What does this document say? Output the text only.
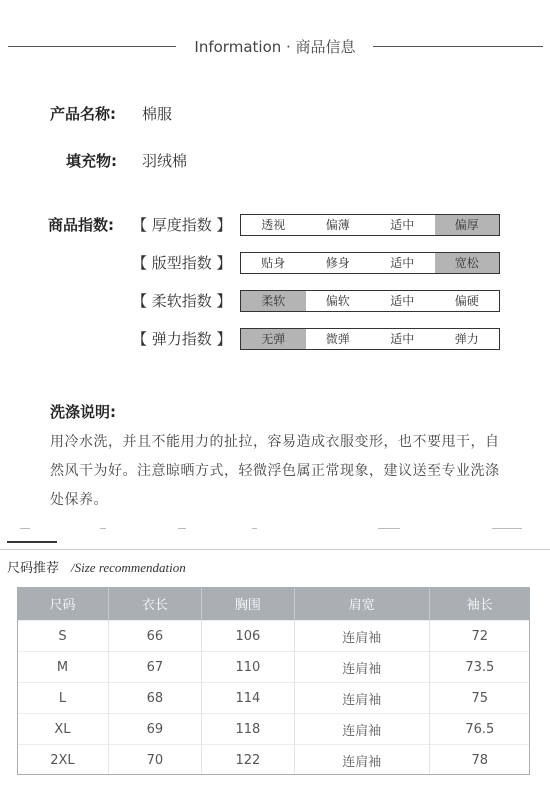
Information · 商品信息
产品名称: 棉服
填充物: 羽绒棉
商品指数: 【 厚度指数 】	透视	偏薄	适中	偏厚
【 版型指数 】	贴身	修身	适中	宽松
【 柔软指数 】	柔软	偏软	适中	偏硬
【 弹力指数 】	无弹	微弹	适中	弹力
洗涤说明:
用冷水洗，并且不能用力的扯拉，容易造成衣服变形，也不要甩干，自然风干为好。注意晾晒方式，轻微浮色属正常现象，建议送至专业洗涤处保养。
尺码推荐 /Size recommendation
尺码	衣长	胸围	肩宽	袖长
S	66	106	连肩袖	72
M	67	110	连肩袖	73.5
L	68	114	连肩袖	75
XL	69	118	连肩袖	76.5
2XL	70	122	连肩袖	78
